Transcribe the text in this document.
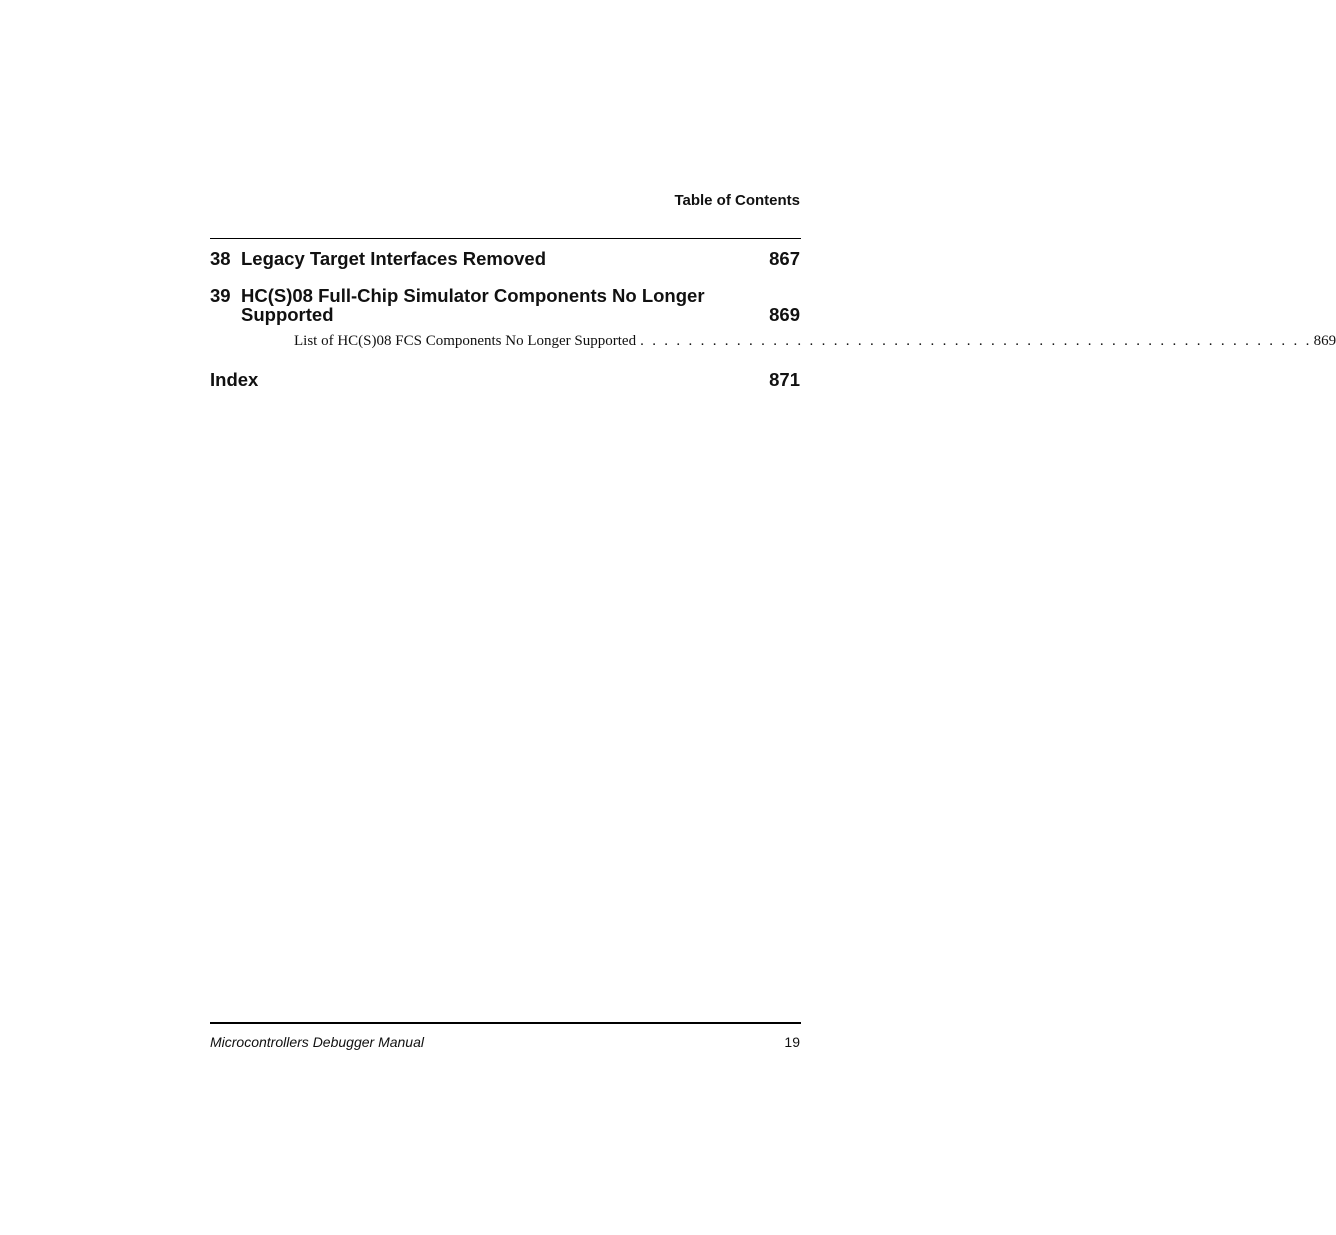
Table of Contents
38 Legacy Target Interfaces Removed	867
39 HC(S)08 Full-Chip Simulator Components No Longer
Supported	869
List of HC(S)08 FCS Components No Longer Supported . . . . . . . . . . . . . . . . . . . . . . . . . . . . . . . . . . . . . . . . . . . . . . . . . . . . . . . . 869
Index	871
Microcontrollers Debugger Manual	19
